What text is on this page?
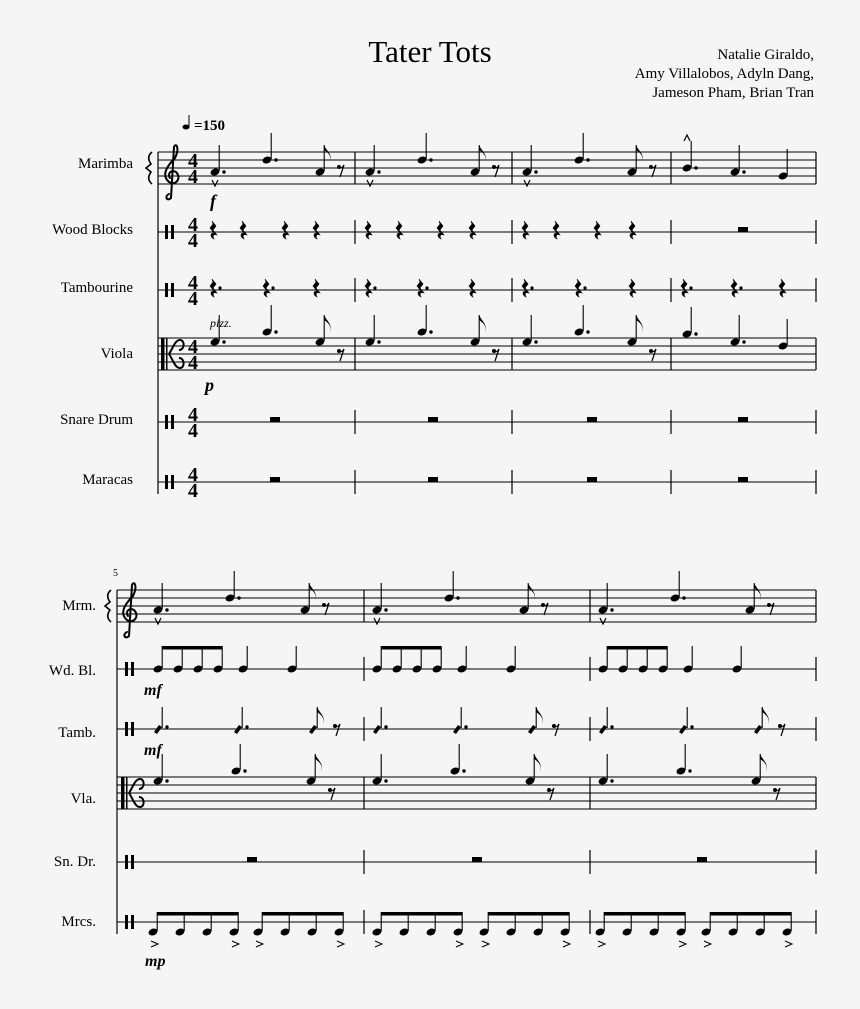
Tater Tots	Natalie Giraldo,
Amy Villalobos, Adyln Dang,
Jameson Pham, Brian Tran
Marimba
Wood Blocks
Tambourine
Viola
Snare Drum
Maracas
4
4
4
4
4
4
4
4
4
4
4
4
=150
f
pizz.
p
Mrm.
Wd. Bl.
Tamb.
Vla.
Sn. Dr.
Mrcs.
5
mf
mf
mp
